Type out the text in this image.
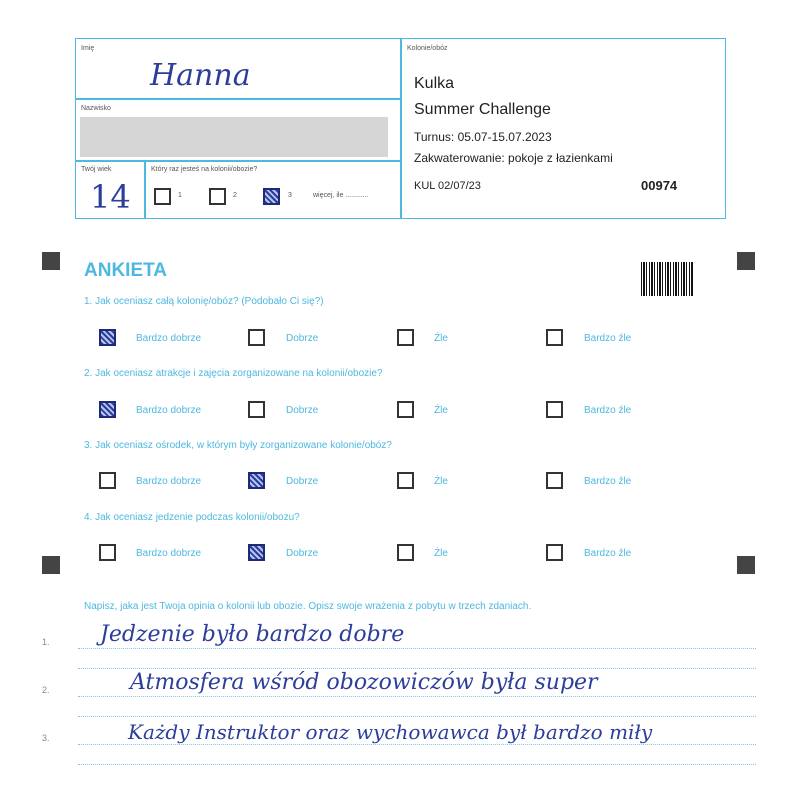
Imię
Hanna
Nazwisko
Twój wiek
14
Który raz jesteś na kolonii/obozie?
1	2	3	więcej, ile ............
Kolonie/obóz
Kulka
Summer Challenge
Turnus: 05.07-15.07.2023
Zakwaterowanie: pokoje z łazienkami
KUL 02/07/23	00974
ANKIETA
1. Jak oceniasz całą kolonię/obóz? (Podobało Ci się?)
Bardzo dobrze	Dobrze	Źle	Bardzo źle
2. Jak oceniasz atrakcje i zajęcia zorganizowane na kolonii/obozie?
Bardzo dobrze	Dobrze	Źle	Bardzo źle
3. Jak oceniasz ośrodek, w którym były zorganizowane kolonie/obóz?
Bardzo dobrze	Dobrze	Źle	Bardzo źle
4. Jak oceniasz jedzenie podczas kolonii/obozu?
Bardzo dobrze	Dobrze	Źle	Bardzo źle
Napisz, jaka jest Twoja opinia o kolonii lub obozie. Opisz swoje wrażenia z pobytu w trzech zdaniach.
1. Jedzenie było bardzo dobre
2.	Atmosfera wśród obozowiczów była super
3.	Każdy Instruktor oraz wychowawca był bardzo miły
